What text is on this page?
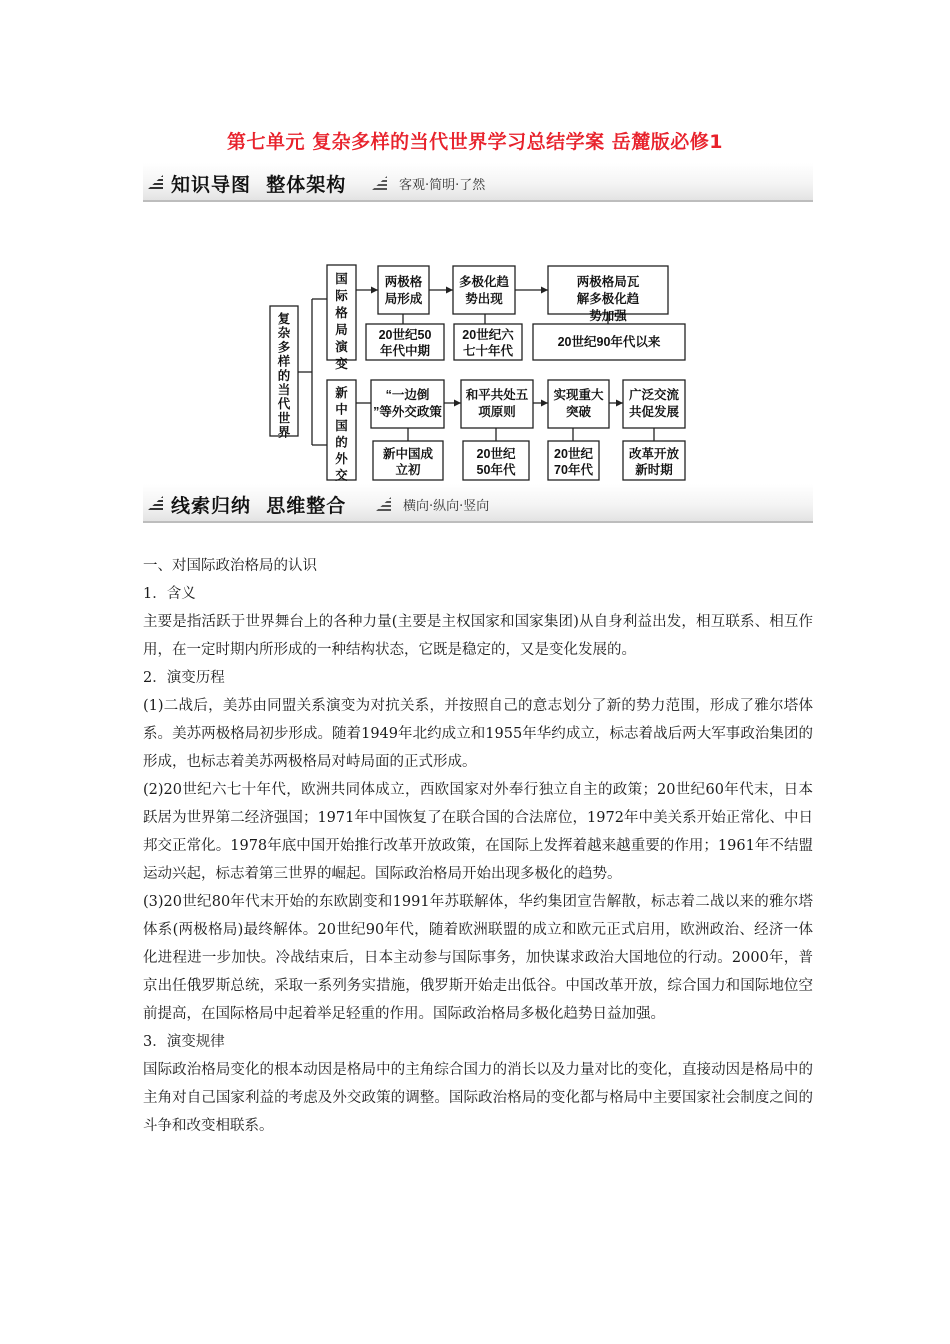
第七单元 复杂多样的当代世界学习总结学案 岳麓版必修1
知识导图  整体架构	客观·简明·了然
复杂多样的当代世界
国际格局演变
新中国的外交
两极格局形成
多极化趋势出现
两极格局瓦解多极化趋势加强
20世纪50 年代中期
20世纪六七十年代
20世纪90年代以来
“一边倒”等外交政策
和平共处五项原则
实现重大突破
广泛交流共促发展
新中国成立初
20世纪 50年代
20世纪 70年代
改革开放新时期
线索归纳  思维整合	横向·纵向·竖向

一、对国际政治格局的认识

1．含义

主要是指活跃于世界舞台上的各种力量(主要是主权国家和国家集团)从自身利益出发，相互联系、相互作用，在一定时期内所形成的一种结构状态，它既是稳定的，又是变化发展的。

2．演变历程

(1)二战后，美苏由同盟关系演变为对抗关系，并按照自己的意志划分了新的势力范围，形成了雅尔塔体系。美苏两极格局初步形成。随着1949年北约成立和1955年华约成立，标志着战后两大军事政治集团的形成，也标志着美苏两极格局对峙局面的正式形成。

(2)20世纪六七十年代，欧洲共同体成立，西欧国家对外奉行独立自主的政策；20世纪60年代末，日本跃居为世界第二经济强国；1971年中国恢复了在联合国的合法席位，1972年中美关系开始正常化、中日邦交正常化。1978年底中国开始推行改革开放政策，在国际上发挥着越来越重要的作用；1961年不结盟运动兴起，标志着第三世界的崛起。国际政治格局开始出现多极化的趋势。

(3)20世纪80年代末开始的东欧剧变和1991年苏联解体，华约集团宣告解散，标志着二战以来的雅尔塔体系(两极格局)最终解体。20世纪90年代，随着欧洲联盟的成立和欧元正式启用，欧洲政治、经济一体化进程进一步加快。冷战结束后，日本主动参与国际事务，加快谋求政治大国地位的行动。2000年，普京出任俄罗斯总统，采取一系列务实措施，俄罗斯开始走出低谷。中国改革开放，综合国力和国际地位空前提高，在国际格局中起着举足轻重的作用。国际政治格局多极化趋势日益加强。

3．演变规律

国际政治格局变化的根本动因是格局中的主角综合国力的消长以及力量对比的变化，直接动因是格局中的主角对自己国家利益的考虑及外交政策的调整。国际政治格局的变化都与格局中主要国家社会制度之间的斗争和改变相联系。
